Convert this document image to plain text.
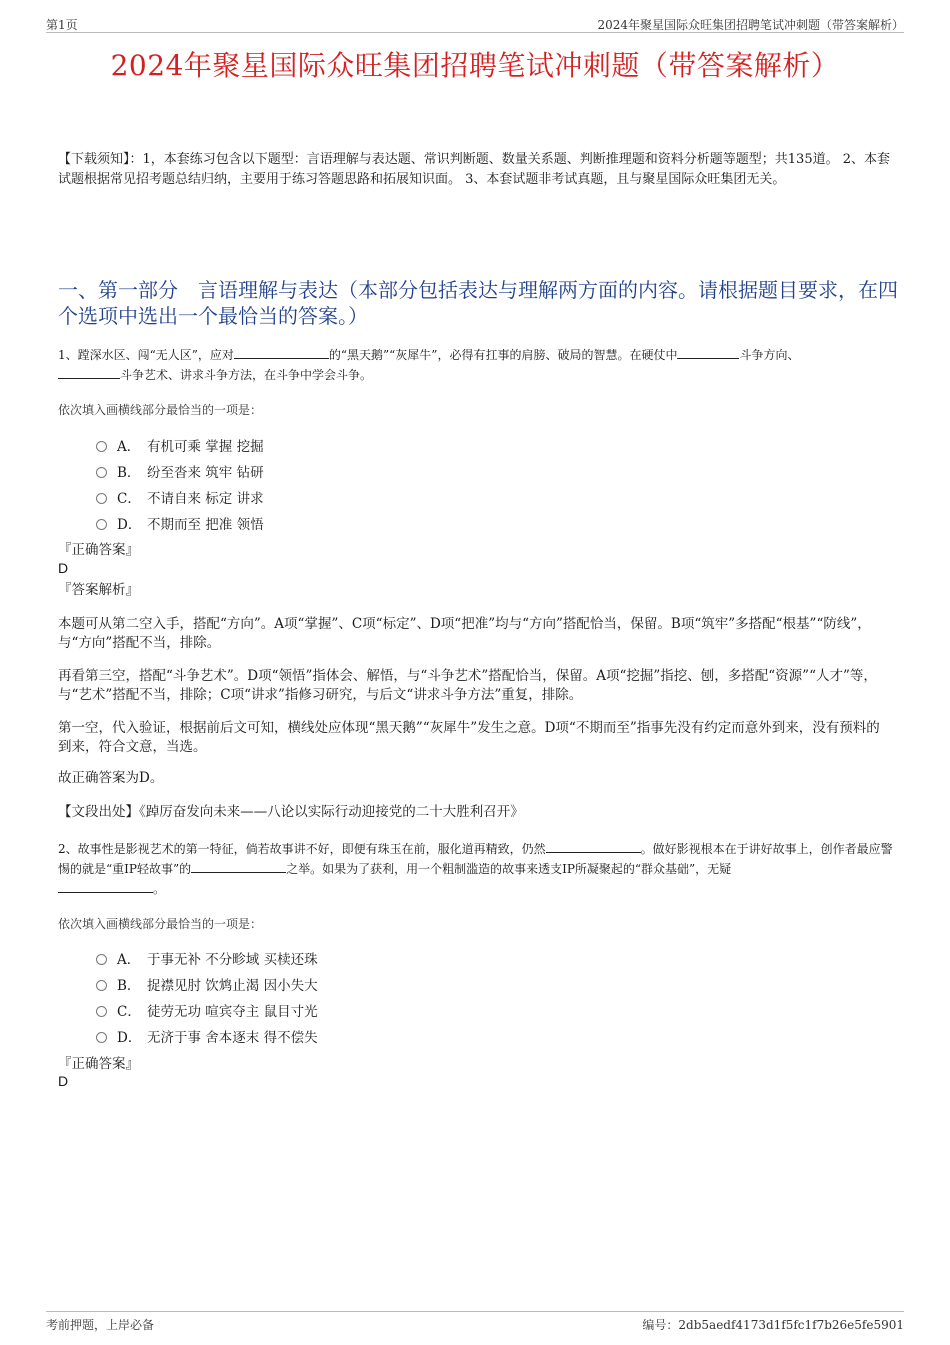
第1页	2024年聚星国际众旺集团招聘笔试冲刺题（带答案解析）
2024年聚星国际众旺集团招聘笔试冲刺题（带答案解析）
【下载须知】：1，本套练习包含以下题型：言语理解与表达题、常识判断题、数量关系题、判断推理题和资料分析题等题型；共135道。 2、本套试题根据常见招考题总结归纳，主要用于练习答题思路和拓展知识面。 3、本套试题非考试真题，且与聚星国际众旺集团无关。
一、第一部分　言语理解与表达（本部分包括表达与理解两方面的内容。请根据题目要求，在四个选项中选出一个最恰当的答案。）
1、蹚深水区、闯“无人区”，应对	的“黑天鹅”“灰犀牛”，必得有扛事的肩膀、破局的智慧。在硬仗中	斗争方向、
斗争艺术、讲求斗争方法，在斗争中学会斗争。
依次填入画横线部分最恰当的一项是：
A． 有机可乘 掌握 挖掘
B． 纷至沓来 筑牢 钻研
C． 不请自来 标定 讲求
D． 不期而至 把准 领悟
『正确答案』
D
『答案解析』
本题可从第二空入手，搭配“方向”。A项“掌握”、C项“标定”、D项“把准”均与“方向”搭配恰当，保留。B项“筑牢”多搭配“根基”“防线”，与“方向”搭配不当，排除。
再看第三空，搭配“斗争艺术”。D项“领悟”指体会、解悟，与“斗争艺术”搭配恰当，保留。A项“挖掘”指挖、刨，多搭配“资源”“人才”等，与“艺术”搭配不当，排除；C项“讲求”指修习研究，与后文“讲求斗争方法”重复，排除。
第一空，代入验证，根据前后文可知，横线处应体现“黑天鹅”“灰犀牛”发生之意。D项“不期而至”指事先没有约定而意外到来，没有预料的到来，符合文意，当选。
故正确答案为D。
【文段出处】《踔厉奋发向未来——八论以实际行动迎接党的二十大胜利召开》
2、故事性是影视艺术的第一特征，倘若故事讲不好，即便有珠玉在前，服化道再精致，仍然	。做好影视根本在于讲好故事上，创作者最应警惕的就是“重IP轻故事”的	之举。如果为了获利，用一个粗制滥造的故事来透支IP所凝聚起的“群众基础”，无疑
。
依次填入画横线部分最恰当的一项是：
A． 于事无补 不分畛域 买椟还珠
B． 捉襟见肘 饮鸩止渴 因小失大
C． 徒劳无功 喧宾夺主 鼠目寸光
D． 无济于事 舍本逐末 得不偿失
『正确答案』
D
考前押题，上岸必备	编号：2db5aedf4173d1f5fc1f7b26e5fe5901
